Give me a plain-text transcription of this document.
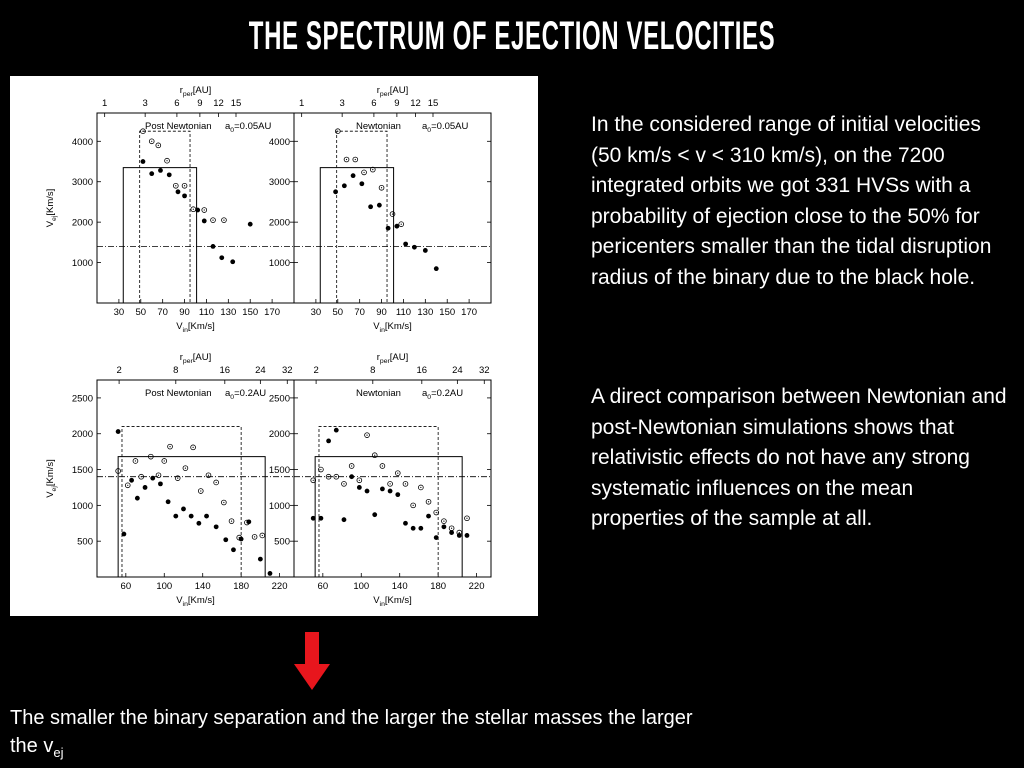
THE SPECTRUM OF EJECTION VELOCITIES
30 50 70 90 110 130 150 170
1	3	6 9 12 15
1000
2000
3000
4000
$V_{in}[Km/s]$
$r_{per}[AU]$
$V_{ej}[Km/s]$
Post Newtonian $a_0=0.05AU$
30 50 70 90 110 130 150 170
1	3	6 9 12 15
1000
2000
3000
4000
$V_{in}[Km/s]$
$r_{per}[AU]$
Newtonian $a_0=0.05AU$
60	100 140 180 220
2	8	16	24 32
500
1000
1500
2000
2500
$V_{in}[Km/s]$
$r_{per}[AU]$
$V_{ej}[Km/s]$
Post Newtonian $a_0=0.2AU$
60	100 140 180 220
2	8	16	24 32
500
1000
1500
2000
2500
$V_{in}[Km/s]$
$r_{per}[AU]$
Newtonian $a_0=0.2AU$

In the considered range of initial velocities (50 km/s < v < 310 km/s), on the 7200 integrated orbits we got 331 HVSs with a probability of ejection close to the 50% for pericenters smaller than the tidal disruption radius of the binary due to the black hole.

A direct comparison between Newtonian and post-Newtonian simulations shows that relativistic effects do not have any strong systematic influences on the mean properties of the sample at all.

The smaller the binary separation and the larger the stellar masses the larger the $v_{ej}$
